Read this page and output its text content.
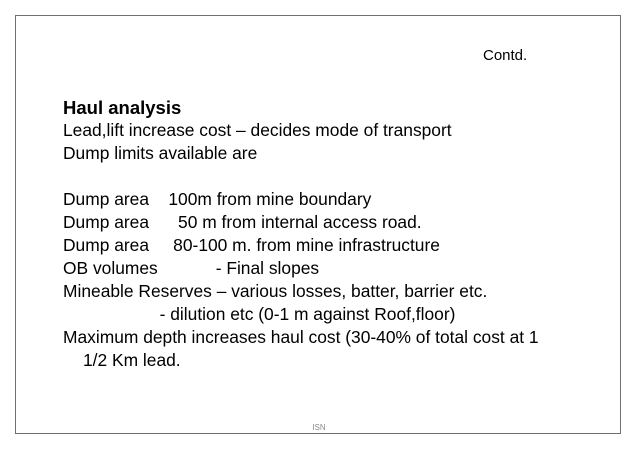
Contd.
Haul analysis
Lead,lift increase cost – decides mode of transport
Dump limits available are
Dump area    100m from mine boundary
Dump area      50 m from internal access road.
Dump area     80-100 m. from mine infrastructure
OB volumes            - Final slopes
Mineable Reserves – various losses, batter, barrier etc.
- dilution etc (0-1 m against Roof,floor)
Maximum depth increases haul cost (30-40% of total cost at 1
1/2 Km lead.
ISN
